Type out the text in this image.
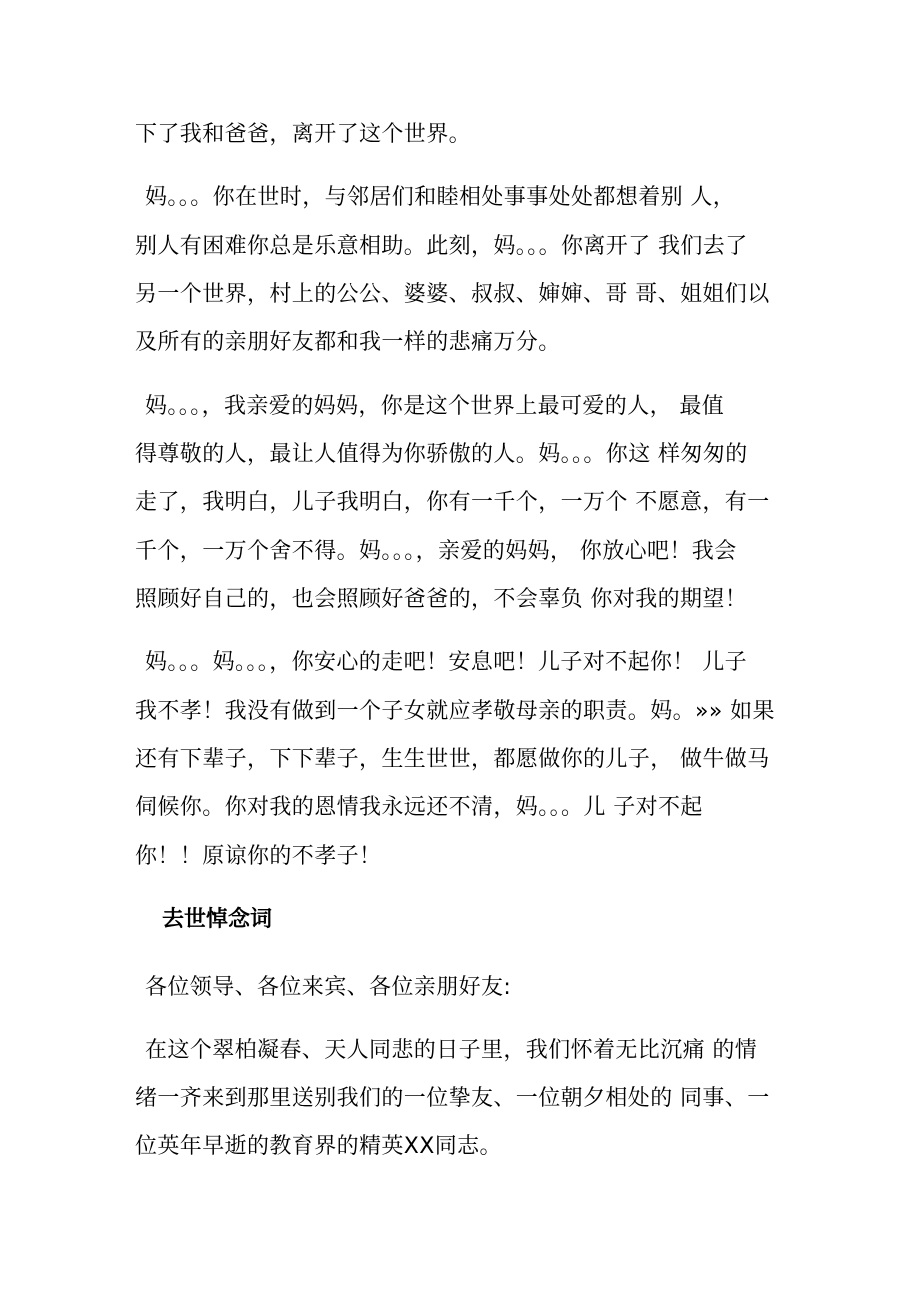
下了我和爸爸，离开了这个世界。
妈。。。你在世时，与邻居们和睦相处事事处处都想着别 人，
别人有困难你总是乐意相助。此刻，妈。。。你离开了 我们去了
另一个世界，村上的公公、婆婆、叔叔、婶婶、哥 哥、姐姐们以
及所有的亲朋好友都和我一样的悲痛万分。
妈。。。，我亲爱的妈妈，你是这个世界上最可爱的人， 最值
得尊敬的人，最让人值得为你骄傲的人。妈。。。你这 样匆匆的
走了，我明白，儿子我明白，你有一千个，一万个 不愿意，有一
千个，一万个舍不得。妈。。。，亲爱的妈妈， 你放心吧！我会
照顾好自己的，也会照顾好爸爸的，不会辜负 你对我的期望！
妈。。。妈。。。，你安心的走吧！安息吧！儿子对不起你！ 儿子
我不孝！我没有做到一个子女就应孝敬母亲的职责。妈。»» 如果
还有下辈子，下下辈子，生生世世，都愿做你的儿子， 做牛做马
伺候你。你对我的恩情我永远还不清，妈。。。儿 子对不起
你！！原谅你的不孝子！
去世悼念词
各位领导、各位来宾、各位亲朋好友:
在这个翠柏凝春、天人同悲的日子里，我们怀着无比沉痛 的情
绪一齐来到那里送别我们的一位挚友、一位朝夕相处的 同事、一
位英年早逝的教育界的精英XX同志。
